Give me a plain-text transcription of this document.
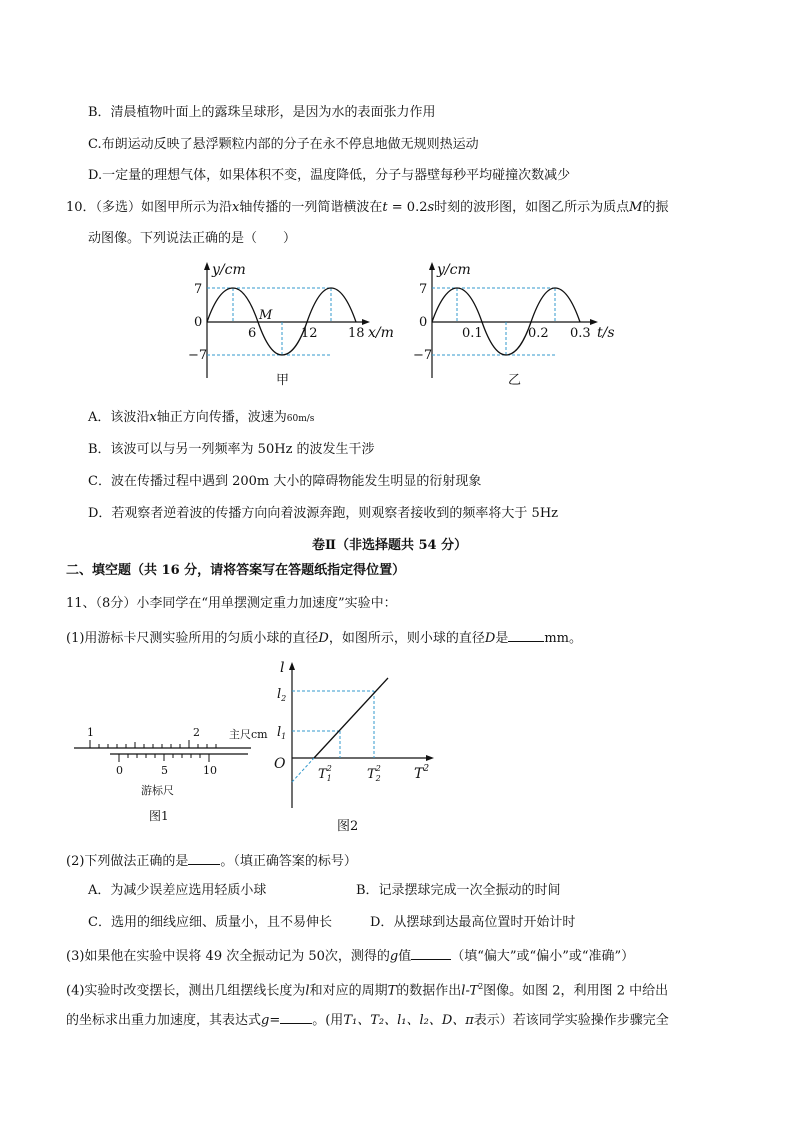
B．清晨植物叶面上的露珠呈球形，是因为水的表面张力作用
C.布朗运动反映了悬浮颗粒内部的分子在永不停息地做无规则热运动
D.一定量的理想气体，如果体积不变，温度降低，分子与器壁每秒平均碰撞次数减少
10．（多选）如图甲所示为沿x轴传播的一列简谐横波在t = 0.2s时刻的波形图，如图乙所示为质点M的振
动图像。下列说法正确的是（　　）
y/cm
7
0
−7
6	12 18 x/m
M
甲
y/cm
7
0
−7
0.1	0.2 0.3 t/s
乙
A．该波沿x轴正方向传播，波速为60m/s
B．该波可以与另一列频率为 50Hz 的波发生干涉
C．波在传播过程中遇到 200m 大小的障碍物能发生明显的衍射现象
D．若观察者逆着波的传播方向向着波源奔跑，则观察者接收到的频率将大于 5Hz
卷Ⅱ（非选择题共 54 分）
二、填空题（共 16 分，请将答案写在答题纸指定得位置）
11、（8分）小李同学在“用单摆测定重力加速度”实验中：
(1)用游标卡尺测实验所用的匀质小球的直径D，如图所示，则小球的直径D是	mm。
1	2	主尺cm
0	5	10
游标尺
图1
l
O
$l_2$
$l_1$
$T_12$	$T_22$ $T^2$
图2
(2)下列做法正确的是 。（填正确答案的标号）
A．为减少误差应选用轻质小球	B．记录摆球完成一次全振动的时间
C．选用的细线应细、质量小，且不易伸长	D．从摆球到达最高位置时开始计时
(3)如果他在实验中误将 49 次全振动记为 50次，测得的g值	（填“偏大”或“偏小”或“准确”）
(4)实验时改变摆长，测出几组摆线长度为l和对应的周期T的数据作出$l-T^2$图像。如图 2，利用图 2 中给出
的坐标求出重力加速度，其表达式g= 。(用T₁、T₂、l₁、l₂、D、π表示）若该同学实验操作步骤完全
